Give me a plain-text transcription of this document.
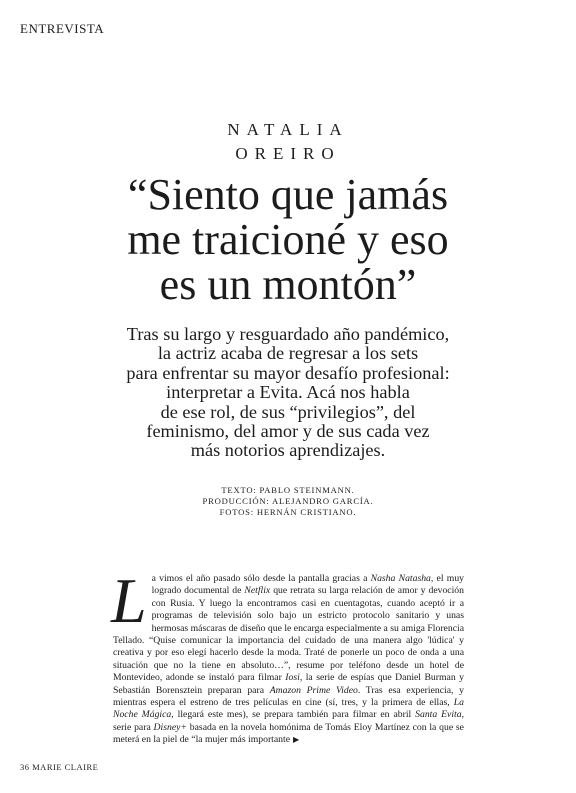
ENTREVISTA
NATALIA
OREIRO
“Siento que jamás
me traicioné y eso
es un montón”

Tras su largo y resguardado año pandémico,
la actriz acaba de regresar a los sets
para enfrentar su mayor desafío profesional:
interpretar a Evita. Acá nos habla
de ese rol, de sus “privilegios”, del
feminismo, del amor y de sus cada vez
más notorios aprendizajes.

TEXTO: PABLO STEINMANN.
PRODUCCIÓN: ALEJANDRO GARCÍA.
FOTOS: HERNÁN CRISTIANO.

La vimos el año pasado sólo desde la pantalla gracias a Nasha Natasha, el muy logrado documental de Netflix que retrata su larga relación de amor y devoción con Rusia. Y luego la encontramos casi en cuentagotas, cuando aceptó ir a programas de televisión solo bajo un estricto protocolo sanitario y unas hermosas máscaras de diseño que le encarga especialmente a su amiga Florencia Tellado. “Quise comunicar la importancia del cuidado de una manera algo 'lúdica' y creativa y por eso elegí hacerlo desde la moda. Traté de ponerle un poco de onda a una situación que no la tiene en absoluto…”, resume por teléfono desde un hotel de Montevideo, adonde se instaló para filmar Iosi, la serie de espías que Daniel Burman y Sebastián Borensztein preparan para Amazon Prime Video. Tras esa experiencia, y mientras espera el estreno de tres películas en cine (sí, tres, y la primera de ellas, La Noche Mágica, llegará este mes), se prepara también para filmar en abril Santa Evita, serie para Disney+ basada en la novela homónima de Tomás Eloy Martínez con la que se meterá en la piel de “la mujer más importante ▶

36 MARIE CLAIRE
